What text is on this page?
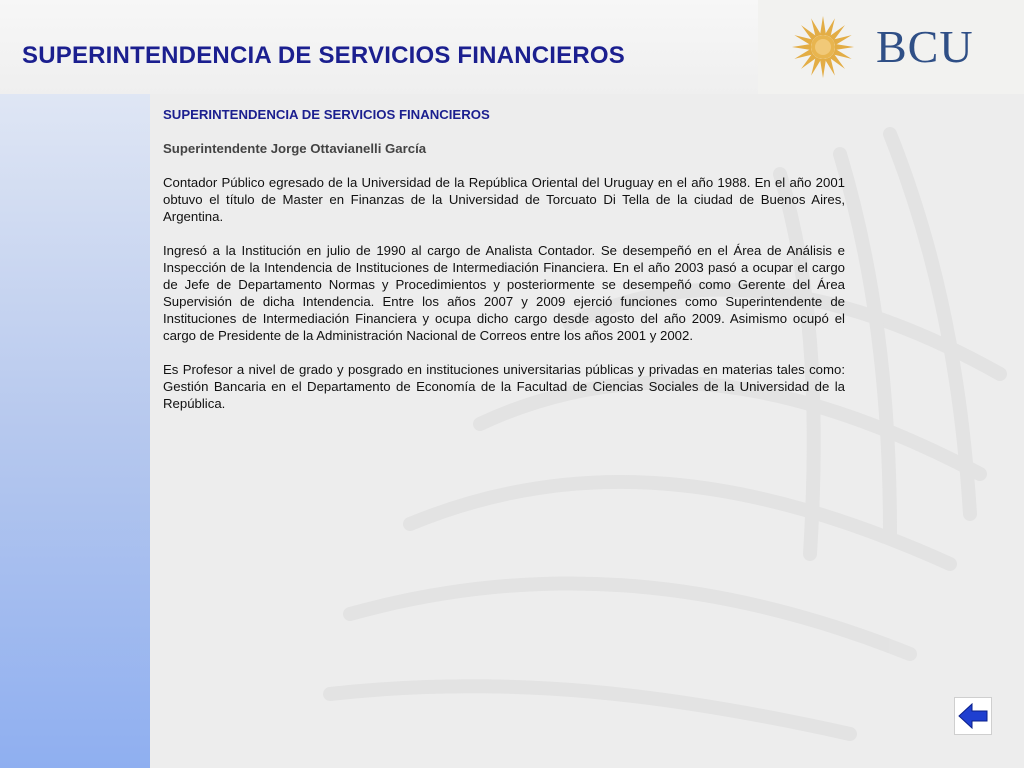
SUPERINTENDENCIA DE SERVICIOS FINANCIEROS	BCU

SUPERINTENDENCIA DE SERVICIOS FINANCIEROS

Superintendente Jorge Ottavianelli García

Contador Público egresado de la Universidad de la República Oriental del Uruguay en el año 1988. En el año 2001 obtuvo el título de Master en Finanzas de la Universidad de Torcuato Di Tella de la ciudad de Buenos Aires, Argentina.

Ingresó a la Institución en julio de 1990 al cargo de Analista Contador. Se desempeñó en el Área de Análisis e Inspección de la Intendencia de Instituciones de Intermediación Financiera. En el año 2003 pasó a ocupar el cargo de Jefe de Departamento Normas y Procedimientos y posteriormente se desempeñó como Gerente del Área Supervisión de dicha Intendencia. Entre los años 2007 y 2009 ejerció funciones como Superintendente de Instituciones de Intermediación Financiera y ocupa dicho cargo desde agosto del año 2009. Asimismo ocupó el cargo de Presidente de la Administración Nacional de Correos entre los años 2001 y 2002.

Es Profesor a nivel de grado y posgrado en instituciones universitarias públicas y privadas en materias tales como: Gestión Bancaria en el Departamento de Economía de la Facultad de Ciencias Sociales de la Universidad de la República.
